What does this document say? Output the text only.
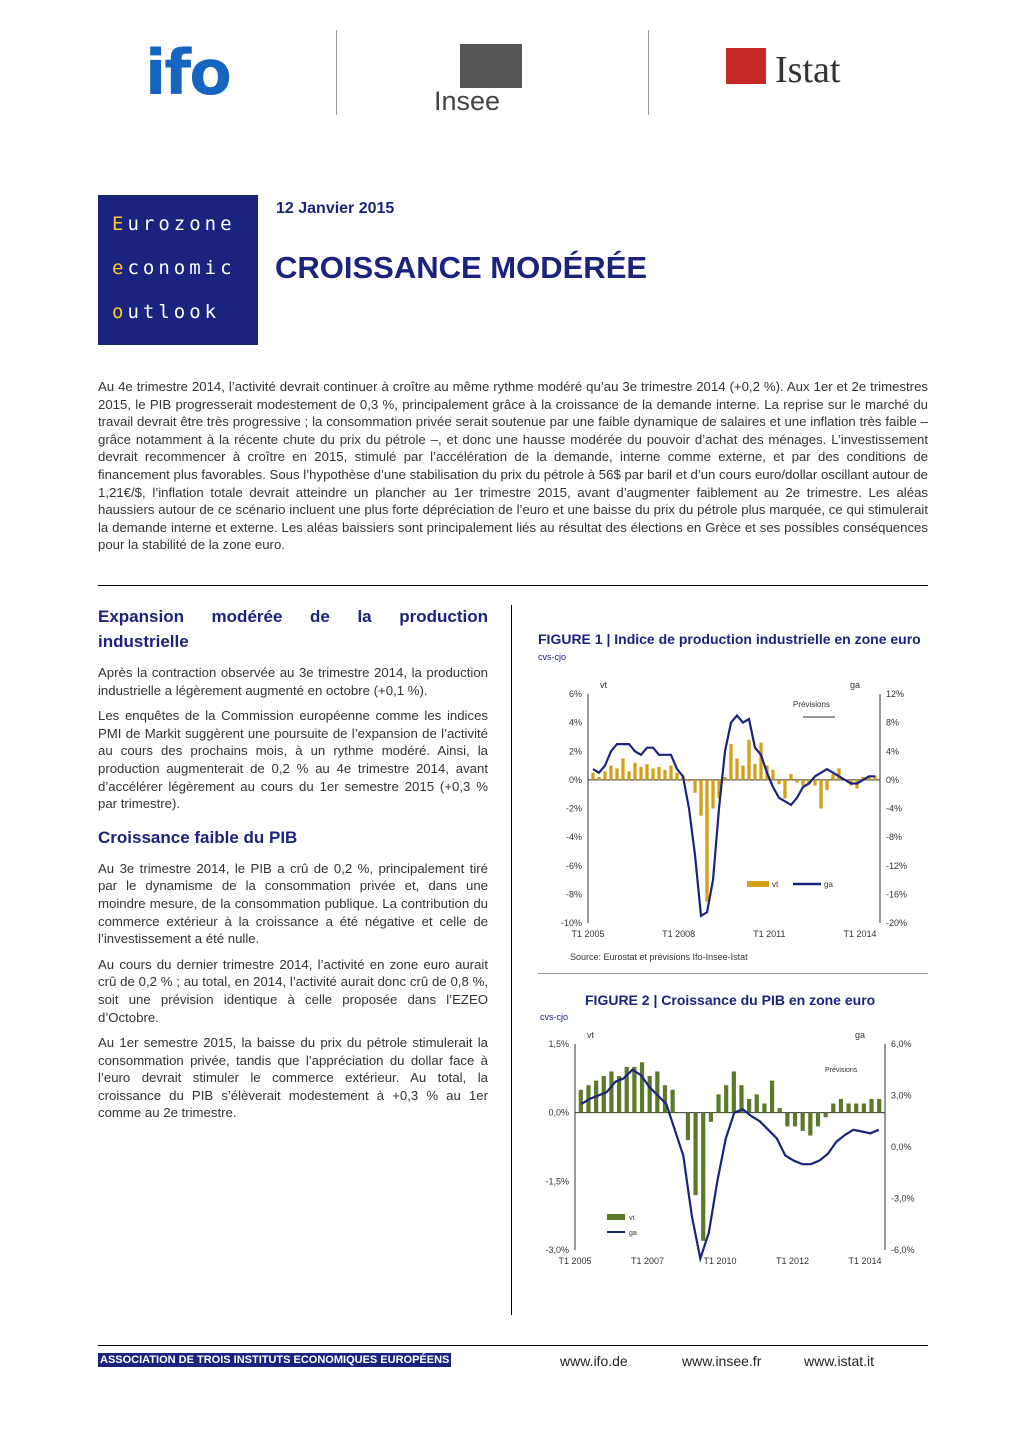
ifo	Insee
Istat
Eurozone
economic
outlook
12 Janvier 2015
CROISSANCE MODÉRÉE
Au 4e trimestre 2014, l’activité devrait continuer à croître au même rythme modéré qu’au 3e trimestre 2014 (+0,2 %). Aux 1er et 2e trimestres 2015, le PIB progresserait modestement de 0,3 %, principalement grâce à la croissance de la demande interne. La reprise sur le marché du travail devrait être très progressive ; la consommation privée serait soutenue par une faible dynamique de salaires et une inflation très faible – grâce notamment à la récente chute du prix du pétrole –, et donc une hausse modérée du pouvoir d’achat des ménages. L’investissement devrait recommencer à croître en 2015, stimulé par l’accélération de la demande, interne comme externe, et par des conditions de financement plus favorables. Sous l’hypothèse d’une stabilisation du prix du pétrole à 56$ par baril et d’un cours euro/dollar oscillant autour de 1,21€/$, l’inflation totale devrait atteindre un plancher au 1er trimestre 2015, avant d’augmenter faiblement au 2e trimestre. Les aléas haussiers autour de ce scénario incluent une plus forte dépréciation de l’euro et une baisse du prix du pétrole plus marquée, ce qui stimulerait la demande interne et externe. Les aléas baissiers sont principalement liés au résultat des élections en Grèce et ses possibles conséquences pour la stabilité de la zone euro.
Expansion modérée de la production industrielle
Après la contraction observée au 3e trimestre 2014, la production industrielle a légèrement augmenté en octobre (+0,1 %).
Les enquêtes de la Commission européenne comme les indices PMI de Markit suggèrent une poursuite de l’expansion de l’activité au cours des prochains mois, à un rythme modéré. Ainsi, la production augmenterait de 0,2 % au 4e trimestre 2014, avant d’accélérer légèrement au cours du 1er semestre 2015 (+0,3 % par trimestre).
Croissance faible du PIB
Au 3e trimestre 2014, le PIB a crû de 0,2 %, principalement tiré par le dynamisme de la consommation privée et, dans une moindre mesure, de la consommation publique. La contribution du commerce extérieur à la croissance a été négative et celle de l’investissement a été nulle.
Au cours du dernier trimestre 2014, l’activité en zone euro aurait crû de 0,2 % ; au total, en 2014, l’activité aurait donc crû de 0,8 %, soit une prévision identique à celle proposée dans l’EZEO d’Octobre.
Au 1er semestre 2015, la baisse du prix du pétrole stimulerait la consommation privée, tandis que l’appréciation du dollar face à l’euro devrait stimuler le commerce extérieur. Au total, la croissance du PIB s’élèverait modestement à +0,3 % au 1er comme au 2e trimestre.
FIGURE 1 | Indice de production industrielle en zone euro
cvs-cjo
6%
4%
2%
0%
-2%
-4%
-6%
-8%
-10%
12%
8%
4%
0%
-4%
-8%
-12%
-16%
-20%
T1 2005	T1 2008	T1 2011	T1 2014
vt	ga
Prévisions
vt	ga
Source: Eurostat et prévisions Ifo-Insee-Istat
FIGURE 2 | Croissance du PIB en zone euro
cvs-cjo
1,5%
0,0%
-1,5%
-3,0%
6,0%
3,0%
0,0%
-3,0%
-6,0%
T1 2005	T1 2007	T1 2010	T1 2012	T1 2014
vt	ga
Prévisions
vt
ga
ASSOCIATION DE TROIS INSTITUTS ECONOMIQUES EUROPÉENS	www.ifo.de	www.insee.fr	www.istat.it
